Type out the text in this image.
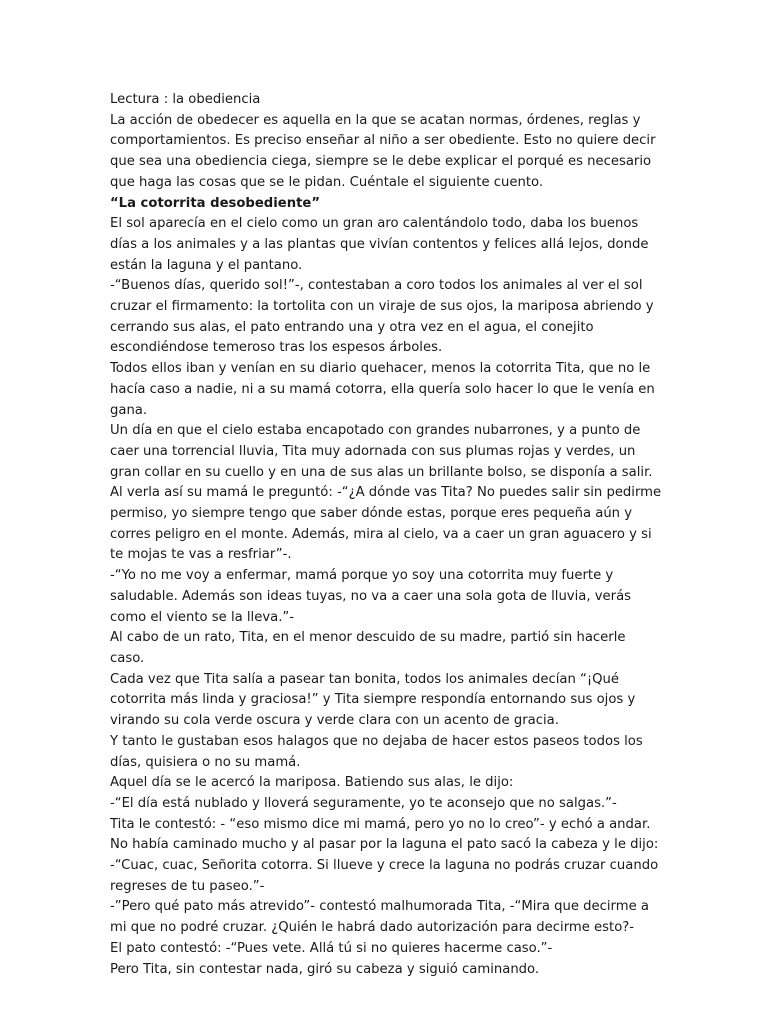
Lectura : la obediencia

La acción de obedecer es aquella en la que se acatan normas, órdenes, reglas y comportamientos. Es preciso enseñar al niño a ser obediente. Esto no quiere decir que sea una obediencia ciega, siempre se le debe explicar el porqué es necesario que haga las cosas que se le pidan. Cuéntale el siguiente cuento.

“La cotorrita desobediente”

El sol aparecía en el cielo como un gran aro calentándolo todo, daba los buenos días a los animales y a las plantas que vivían contentos y felices allá lejos, donde están la laguna y el pantano.

-“Buenos días, querido sol!”-, contestaban a coro todos los animales al ver el sol cruzar el firmamento: la tortolita con un viraje de sus ojos, la mariposa abriendo y cerrando sus alas, el pato entrando una y otra vez en el agua, el conejito escondiéndose temeroso tras los espesos árboles.

Todos ellos iban y venían en su diario quehacer, menos la cotorrita Tita, que no le hacía caso a nadie, ni a su mamá cotorra, ella quería solo hacer lo que le venía en gana.

Un día en que el cielo estaba encapotado con grandes nubarrones, y a punto de caer una torrencial lluvia, Tita muy adornada con sus plumas rojas y verdes, un gran collar en su cuello y en una de sus alas un brillante bolso, se disponía a salir.

Al verla así su mamá le preguntó: -“¿A dónde vas Tita? No puedes salir sin pedirme permiso, yo siempre tengo que saber dónde estas, porque eres pequeña aún y corres peligro en el monte. Además, mira al cielo, va a caer un gran aguacero y si te mojas te vas a resfriar”-.

-“Yo no me voy a enfermar, mamá porque yo soy una cotorrita muy fuerte y saludable. Además son ideas tuyas, no va a caer una sola gota de lluvia, verás como el viento se la lleva.”-

Al cabo de un rato, Tita, en el menor descuido de su madre, partió sin hacerle caso.

Cada vez que Tita salía a pasear tan bonita, todos los animales decían “¡Qué cotorrita más linda y graciosa!” y Tita siempre respondía entornando sus ojos y virando su cola verde oscura y verde clara con un acento de gracia.

Y tanto le gustaban esos halagos que no dejaba de hacer estos paseos todos los días, quisiera o no su mamá.

Aquel día se le acercó la mariposa. Batiendo sus alas, le dijo:

-“El día está nublado y lloverá seguramente, yo te aconsejo que no salgas.”-

Tita le contestó: - “eso mismo dice mi mamá, pero yo no lo creo”- y echó a andar.

No había caminado mucho y al pasar por la laguna el pato sacó la cabeza y le dijo:

-“Cuac, cuac, Señorita cotorra. Si llueve y crece la laguna no podrás cruzar cuando regreses de tu paseo.”-

-”Pero qué pato más atrevido”- contestó malhumorada Tita, -“Mira que decirme a mi que no podré cruzar. ¿Quién le habrá dado autorización para decirme esto?-

El pato contestó: -“Pues vete. Allá tú si no quieres hacerme caso.”-

Pero Tita, sin contestar nada, giró su cabeza y siguió caminando.
